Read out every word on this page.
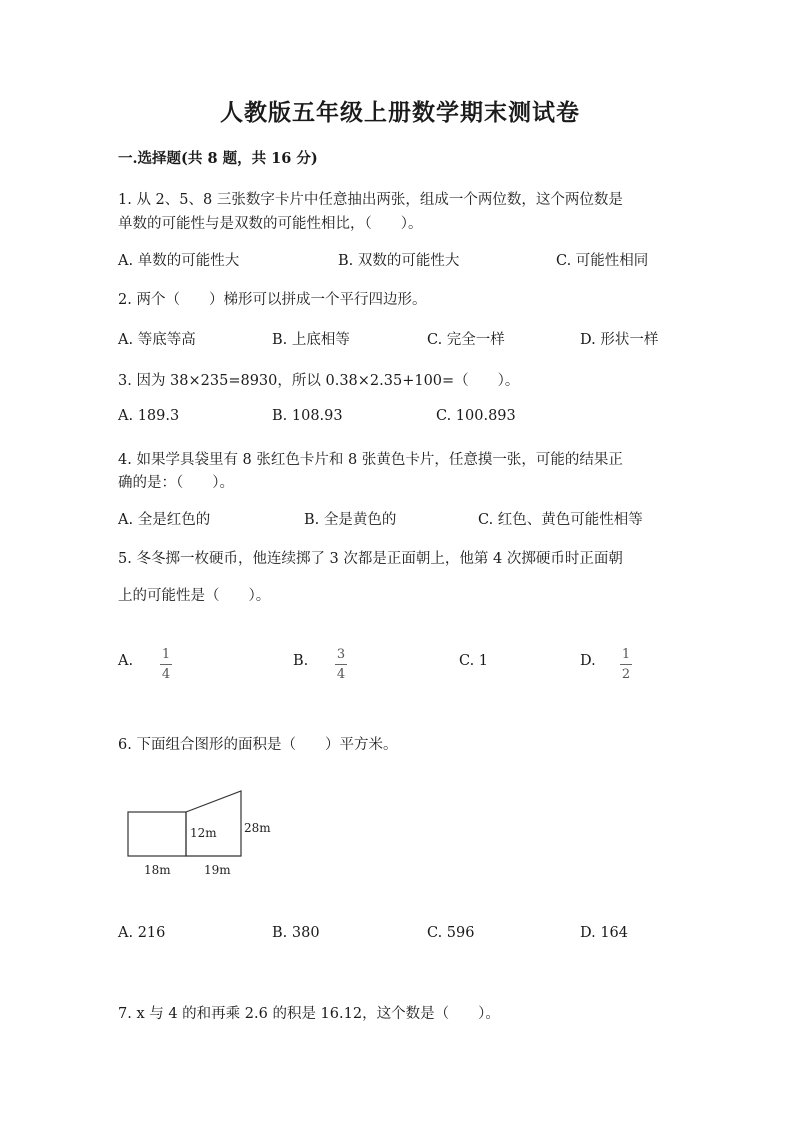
人教版五年级上册数学期末测试卷
一.选择题(共 8 题，共 16 分)
1. 从 2、5、8 三张数字卡片中任意抽出两张，组成一个两位数，这个两位数是
单数的可能性与是双数的可能性相比，（　　）。
A. 单数的可能性大	B. 双数的可能性大	C. 可能性相同
2. 两个（　　）梯形可以拼成一个平行四边形。
A. 等底等高	B. 上底相等	C. 完全一样	D. 形状一样
3. 因为 38×235=8930，所以 0.38×2.35+100=（　　）。
A. 189.3	B. 108.93	C. 100.893
4. 如果学具袋里有 8 张红色卡片和 8 张黄色卡片，任意摸一张，可能的结果正
确的是：（　　）。
A. 全是红色的	B. 全是黄色的	C. 红色、黄色可能性相等
5. 冬冬掷一枚硬币，他连续掷了 3 次都是正面朝上，他第 4 次掷硬币时正面朝
上的可能性是（　　）。
A. 1
4
B. 3
4
C. 1	D. 1
2
6. 下面组合图形的面积是（　　）平方米。
12m 28m
18m	19m
A. 216	B. 380	C. 596	D. 164
7. x 与 4 的和再乘 2.6 的积是 16.12，这个数是（　　）。
